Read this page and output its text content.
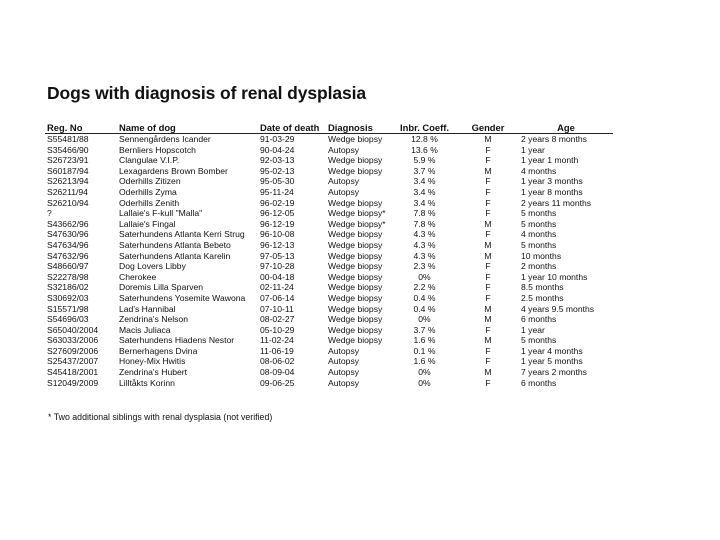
Dogs with diagnosis of renal dysplasia
Reg. No	Name of dog	Date of death	Diagnosis	Inbr. Coeff.	Gender	Age
S55481/88	Sennengårdens Icander	91-03-29	Wedge biopsy	12.8 %	M	2 years 8 months
S35466/90	Bernliers Hopscotch	90-04-24	Autopsy	13.6 %	F	1 year
S26723/91	Clangulae V.I.P.	92-03-13	Wedge biopsy	5.9 %	F	1 year 1 month
S60187/94	Lexagardens Brown Bomber	95-02-13	Wedge biopsy	3.7 %	M	4 months
S26213/94	Oderhills Zitizen	95-05-30	Autopsy	3.4 %	F	1 year 3 months
S26211/94	Oderhills Zyma	95-11-24	Autopsy	3.4 %	F	1 year 8 months
S26210/94	Oderhills Zenith	96-02-19	Wedge biopsy	3.4 %	F	2 years 11 months
?	Lallaie's F-kull "Malla"	96-12-05	Wedge biopsy*	7.8 %	F	5 months
S43662/96	Lallaie's Fingal	96-12-19	Wedge biopsy*	7.8 %	M	5 months
S47630/96	Saterhundens Atlanta Kerri Strug	96-10-08	Wedge biopsy	4.3 %	F	4 months
S47634/96	Saterhundens Atlanta Bebeto	96-12-13	Wedge biopsy	4.3 %	M	5 months
S47632/96	Saterhundens Atlanta Karelin	97-05-13	Wedge biopsy	4.3 %	M	10 months
S48660/97	Dog Lovers Libby	97-10-28	Wedge biopsy	2.3 %	F	2 months
S22278/98	Cherokee	00-04-18	Wedge biopsy	0%	F	1 year 10 months
S32186/02	Doremis Lilla Sparven	02-11-24	Wedge biopsy	2.2 %	F	8.5 months
S30692/03	Saterhundens Yosemite Wawona	07-06-14	Wedge biopsy	0.4 %	F	2.5 months
S15571/98	Lad's Hannibal	07-10-11	Wedge biopsy	0.4 %	M	4 years 9.5 months
S54696/03	Zendrina's Nelson	08-02-27	Wedge biopsy	0%	M	6 months
S65040/2004	Macis Juliaca	05-10-29	Wedge biopsy	3.7 %	F	1 year
S63033/2006	Saterhundens Hiadens Nestor	11-02-24	Wedge biopsy	1.6 %	M	5 months
S27609/2006	Bernerhagens Dvina	11-06-19	Autopsy	0.1 %	F	1 year 4 months
S25437/2007	Honey-Mix Hwitis	08-06-02	Autopsy	1.6 %	F	1 year 5 months
S45418/2001	Zendrina's Hubert	08-09-04	Autopsy	0%	M	7 years 2 months
S12049/2009	Lilltåkts Korinn	09-06-25	Autopsy	0%	F	6 months
* Two additional siblings with renal dysplasia (not verified)
